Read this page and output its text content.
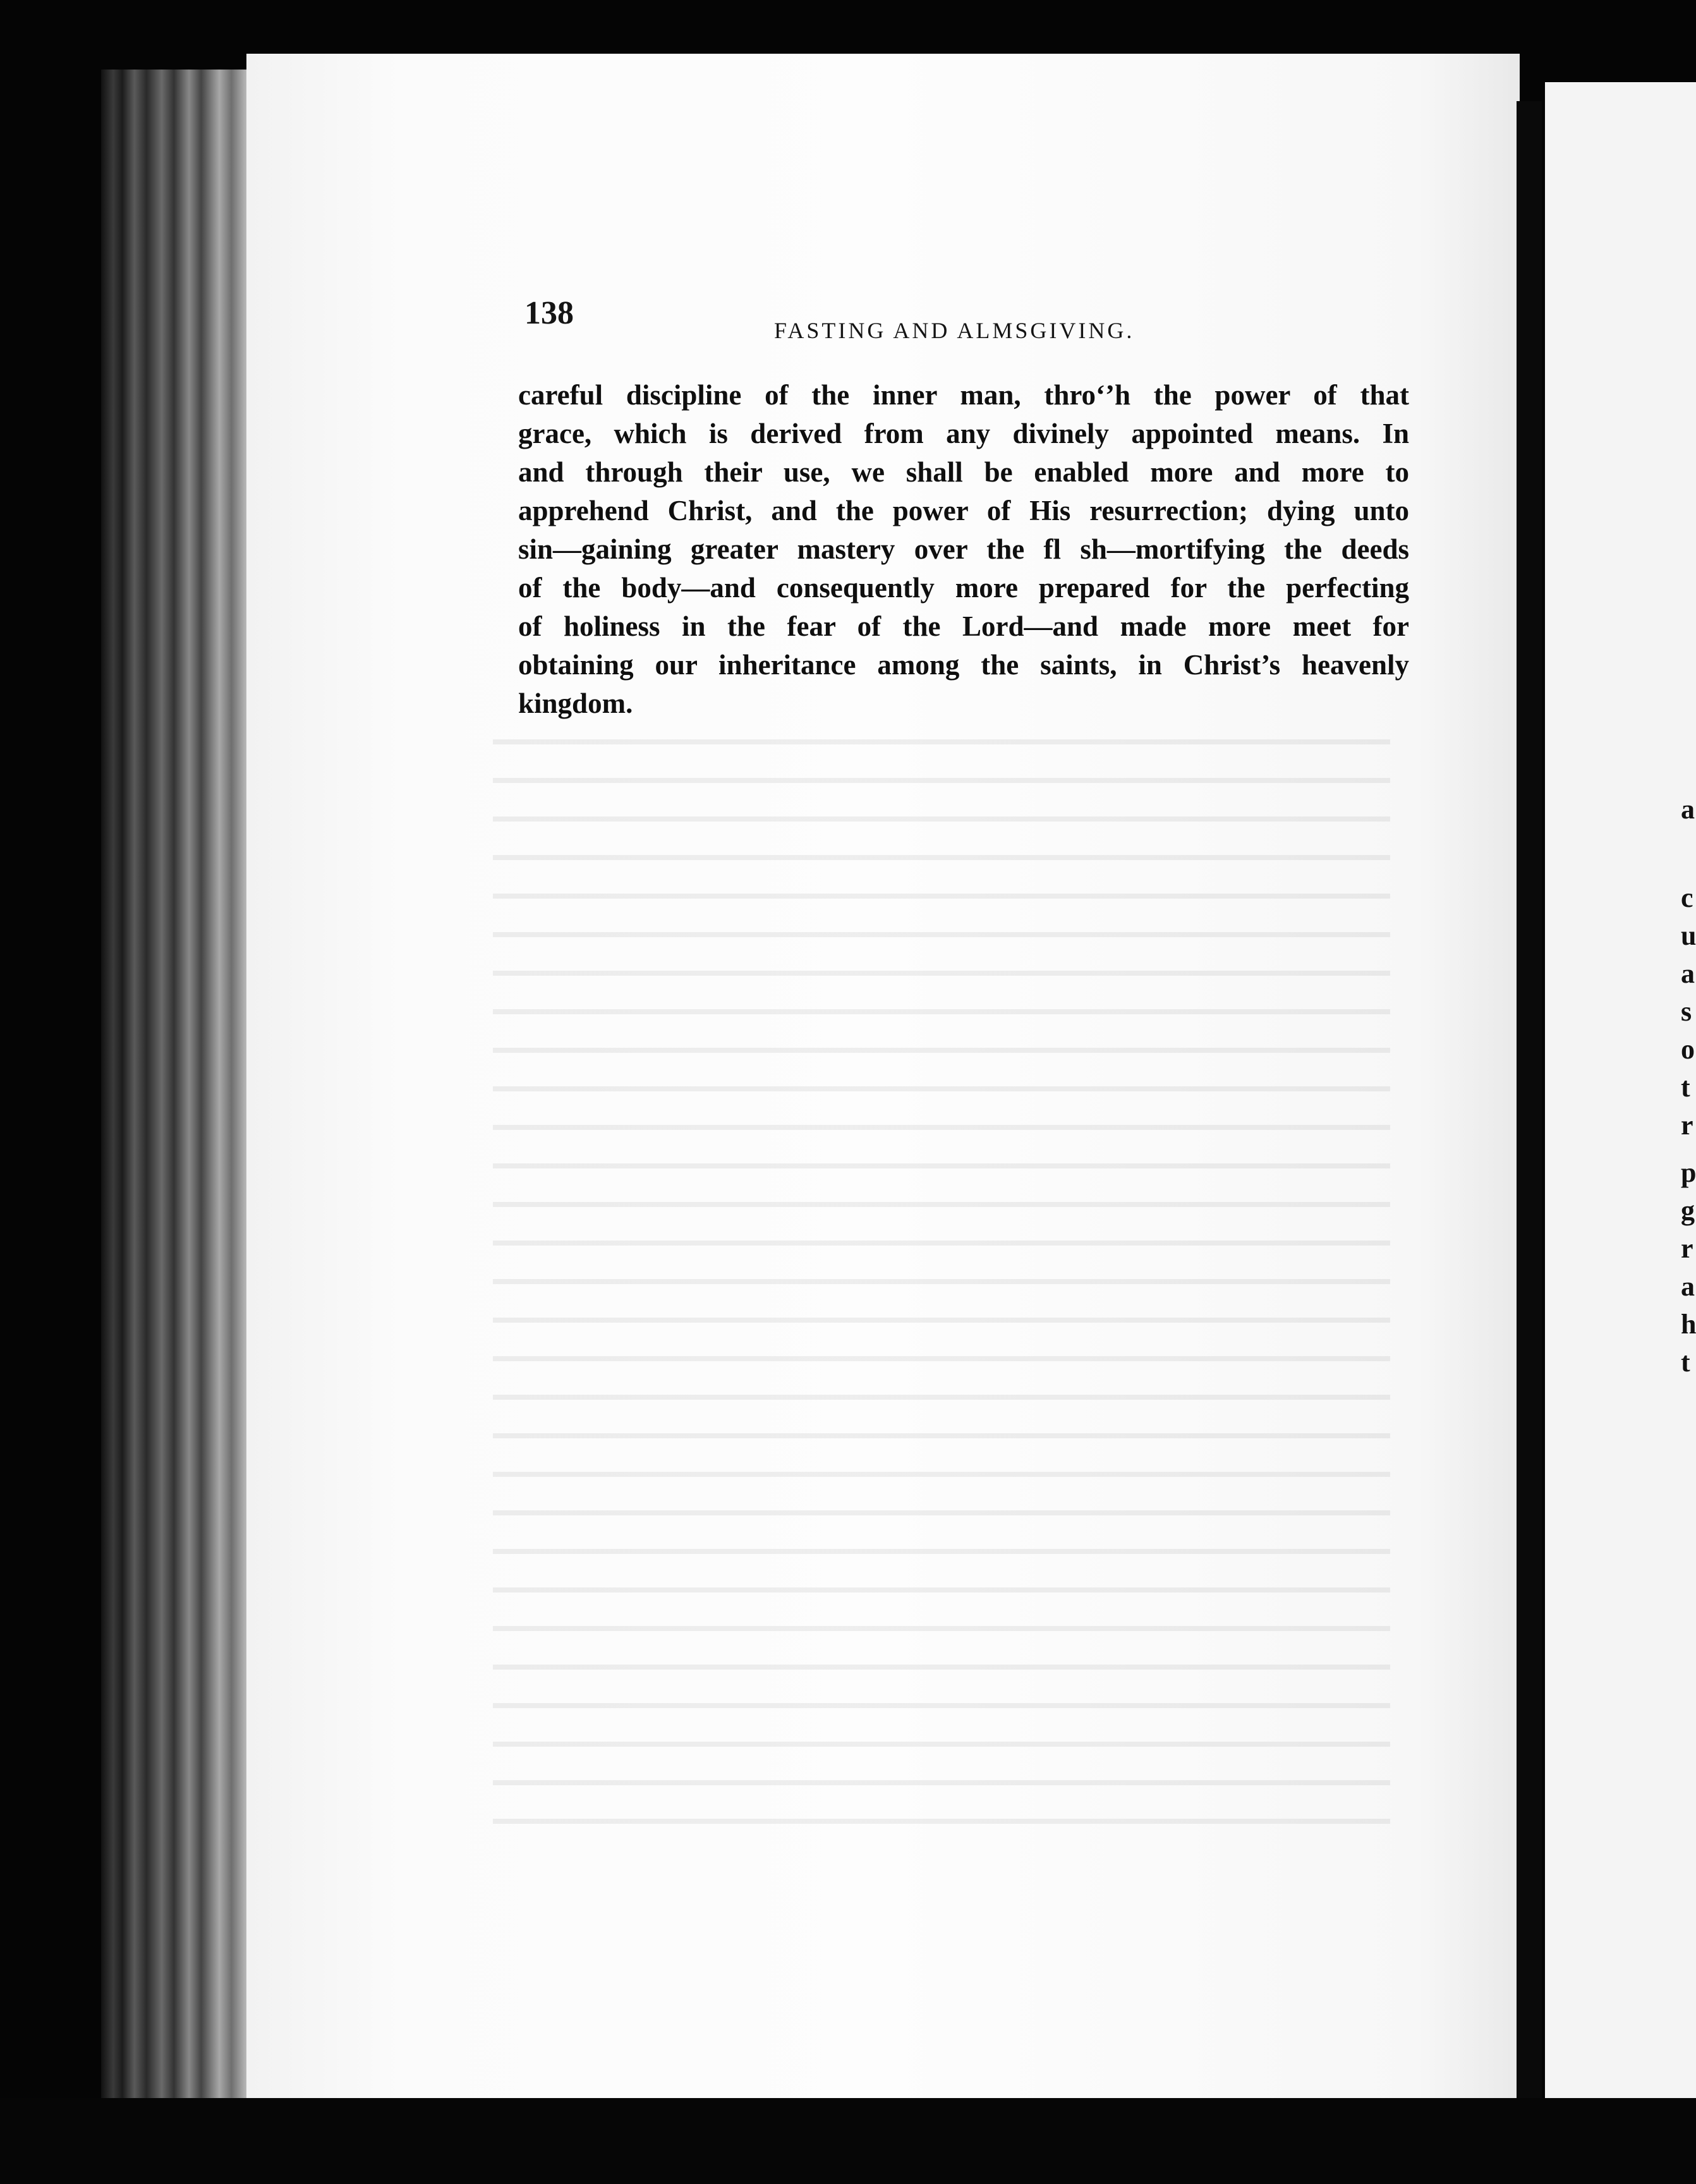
a
c
u
a
s
o
t
r
p
g
r
a
h
t
138	FASTING AND ALMSGIVING.
careful discipline of the inner man, thro‘’h the power of that
grace, which is derived from any divinely appointed means. In
and through their use, we shall be enabled more and more to
apprehend Christ, and the power of His resurrection; dying unto
sin—gaining greater mastery over the fl sh—mortifying the deeds
of the body—and consequently more prepared for the perfecting
of holiness in the fear of the Lord—and made more meet for
obtaining our inheritance among the saints, in Christ’s heavenly
kingdom.
